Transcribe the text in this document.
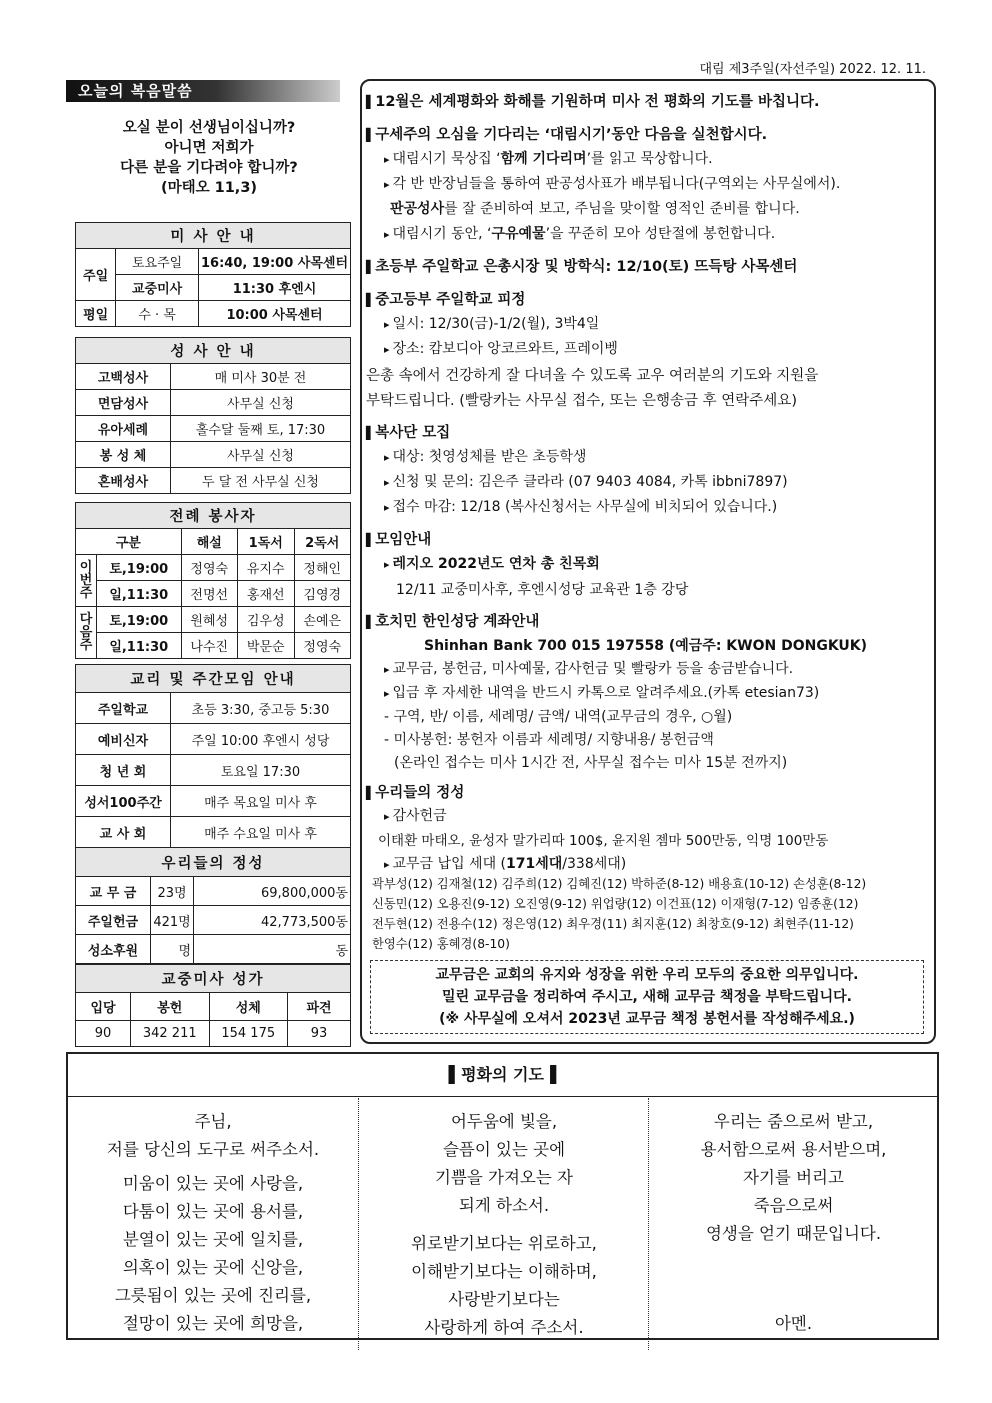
대림 제3주일(자선주일) 2022. 12. 11.
오늘의 복음말씀
오실 분이 선생님이십니까?
아니면 저희가
다른 분을 기다려야 합니까?
(마태오 11,3)
미 사 안 내		
주일	토요주일	16:40, 19:00 사목센터
	교중미사	11:30 후엔시
평일	수 · 목	10:00 사목센터
성 사 안 내	
고백성사	매 미사 30분 전
면담성사	사무실 신청
유아세례	홀수달 둘째 토, 17:30
봉 성 체	사무실 신청
혼배성사	두 달 전 사무실 신청
전례 봉사자				
구분		해설	1독서	2독서
이번주	토,19:00	정영숙	유지수	정해인
	일,11:30	전명선	홍재선	김영경
다음주	토,19:00	원혜성	김우성	손예은
	일,11:30	나수진	박문순	정영숙
교리 및 주간모임 안내	
주일학교	초등 3:30, 중고등 5:30
예비신자	주일 10:00 후엔시 성당
청 년 회	토요일 17:30
성서100주간	매주 목요일 미사 후
교 사 회	매주 수요일 미사 후
우리들의 정성		
교 무 금	23명	69,800,000동
주일헌금	421명	42,773,500동
성소후원	명	동
교중미사 성가			
입당	봉헌	성체	파견
90	342 211	154 175	93
▌12월은 세계평화와 화해를 기원하며 미사 전 평화의 기도를 바칩니다.
▌구세주의 오심을 기다리는 ‘대림시기’동안 다음을 실천합시다.
▸ 대림시기 묵상집 ‘함께 기다리며’를 읽고 묵상합니다.
▸ 각 반 반장님들을 통하여 판공성사표가 배부됩니다(구역외는 사무실에서).
판공성사를 잘 준비하여 보고, 주님을 맞이할 영적인 준비를 합니다.
▸ 대림시기 동안, ‘구유예물’을 꾸준히 모아 성탄절에 봉헌합니다.
▌초등부 주일학교 은총시장 및 방학식: 12/10(토) 뜨득탕 사목센터
▌중고등부 주일학교 피정
▸ 일시: 12/30(금)-1/2(월), 3박4일
▸ 장소: 캄보디아 앙코르와트, 프레이벵
은총 속에서 건강하게 잘 다녀올 수 있도록 교우 여러분의 기도와 지원을
부탁드립니다. (빨랑카는 사무실 접수, 또는 은행송금 후 연락주세요)
▌복사단 모집
▸ 대상: 첫영성체를 받은 초등학생
▸ 신청 및 문의: 김은주 클라라 (07 9403 4084, 카톡 ibbni7897)
▸ 접수 마감: 12/18 (복사신청서는 사무실에 비치되어 있습니다.)
▌모임안내
▸ 레지오 2022년도 연차 총 친목회
12/11 교중미사후, 후엔시성당 교육관 1층 강당
▌호치민 한인성당 계좌안내
Shinhan Bank 700 015 197558 (예금주: KWON DONGKUK)
▸ 교무금, 봉헌금, 미사예물, 감사헌금 및 빨랑카 등을 송금받습니다.
▸ 입금 후 자세한 내역을 반드시 카톡으로 알려주세요.(카톡 etesian73)
- 구역, 반/ 이름, 세례명/ 금액/ 내역(교무금의 경우, ○월)
- 미사봉헌: 봉헌자 이름과 세례명/ 지향내용/ 봉헌금액
(온라인 접수는 미사 1시간 전, 사무실 접수는 미사 15분 전까지)
▌우리들의 정성
▸ 감사헌금
이태환 마태오, 윤성자 말가리따 100$, 윤지원 젬마 500만동, 익명 100만동
▸ 교무금 납입 세대 (171세대/338세대)
곽부성(12) 김재철(12) 김주희(12) 김혜진(12) 박하준(8-12) 배용효(10-12) 손성훈(8-12)
신동민(12) 오용진(9-12) 오진영(9-12) 위업량(12) 이건표(12) 이재형(7-12) 임종훈(12)
전두현(12) 전용수(12) 정은영(12) 최우경(11) 최지훈(12) 최창호(9-12) 최현주(11-12)
한영수(12) 홍혜경(8-10)
교무금은 교회의 유지와 성장을 위한 우리 모두의 중요한 의무입니다.
밀린 교무금을 정리하여 주시고, 새해 교무금 책정을 부탁드립니다.
(※ 사무실에 오셔서 2023년 교무금 책정 봉헌서를 작성해주세요.)
▌평화의 기도▐
주님,
저를 당신의 도구로 써주소서.
미움이 있는 곳에 사랑을,
다툼이 있는 곳에 용서를,
분열이 있는 곳에 일치를,
의혹이 있는 곳에 신앙을,
그릇됨이 있는 곳에 진리를,
절망이 있는 곳에 희망을,
어두움에 빛을,
슬픔이 있는 곳에
기쁨을 가져오는 자
되게 하소서.
위로받기보다는 위로하고,
이해받기보다는 이해하며,
사랑받기보다는
사랑하게 하여 주소서.
우리는 줌으로써 받고,
용서함으로써 용서받으며,
자기를 버리고
죽음으로써
영생을 얻기 때문입니다.
아멘.
